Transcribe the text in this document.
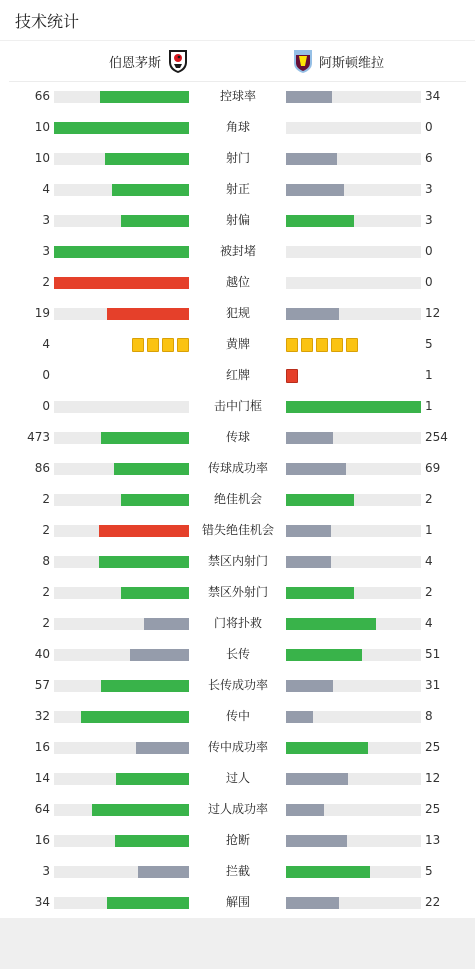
技术统计
伯恩茅斯	阿斯顿维拉
66	控球率	34
10	角球	0
10	射门	6
4	射正	3
3	射偏	3
3	被封堵	0
2	越位	0
19	犯规	12
4	黄牌	5
0	红牌	1
0	击中门框	1
473	传球	254
86	传球成功率	69
2	绝佳机会	2
2	错失绝佳机会	1
8	禁区内射门	4
2	禁区外射门	2
2	门将扑救	4
40	长传	51
57	长传成功率	31
32	传中	8
16	传中成功率	25
14	过人	12
64	过人成功率	25
16	抢断	13
3	拦截	5
34	解围	22
